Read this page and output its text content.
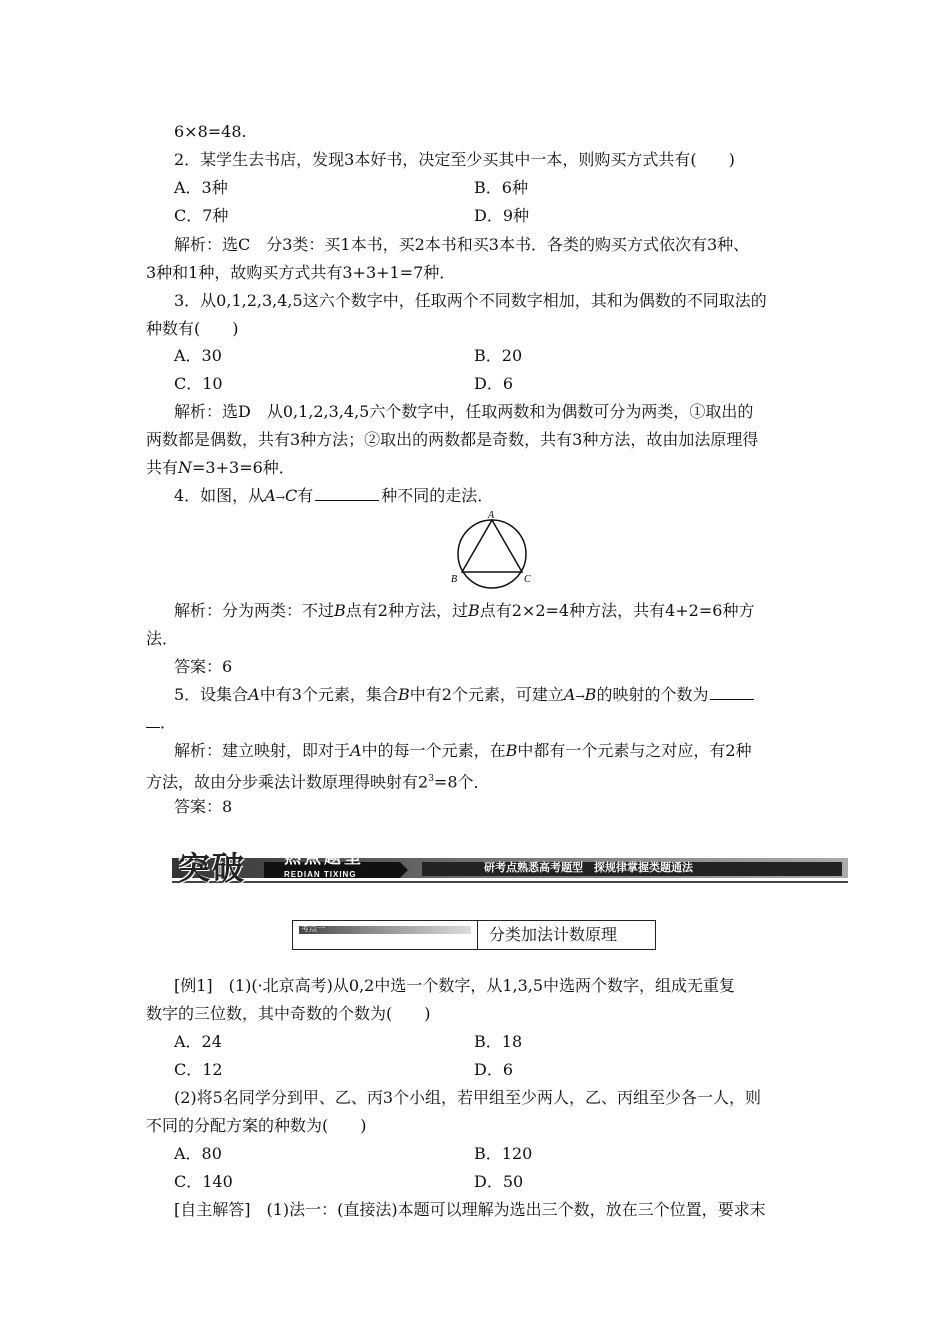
6×8=48.
2．某学生去书店，发现3本好书，决定至少买其中一本，则购买方式共有(　　)
A．3种	B．6种
C．7种	D．9种
解析：选C　分3类：买1本书，买2本书和买3本书．各类的购买方式依次有3种、
3种和1种，故购买方式共有3+3+1=7种．
3．从0,1,2,3,4,5这六个数字中，任取两个不同数字相加，其和为偶数的不同取法的
种数有(　　)
A．30	B．20
C．10	D．6
解析：选D　从0,1,2,3,4,5六个数字中，任取两数和为偶数可分为两类，①取出的
两数都是偶数，共有3种方法；②取出的两数都是奇数，共有3种方法，故由加法原理得
共有N=3+3=6种．
4．如图，从A→C有	种不同的走法．
A
B	C
解析：分为两类：不过B点有2种方法，过B点有2×2=4种方法，共有4+2=6种方
法．
答案：6
5．设集合A中有3个元素，集合B中有2个元素，可建立A→B的映射的个数为
．
解析：建立映射，即对于A中的每一个元素，在B中都有一个元素与之对应，有2种
方法，故由分步乘法计数原理得映射有$2^3=8$个．
答案：8
突破 热点题型
REDIAN TIXING
研考点熟悉高考题型　探规律掌握类题通法
考点一	分类加法计数原理
[例1]　(1)(·北京高考)从0,2中选一个数字，从1,3,5中选两个数字，组成无重复
数字的三位数，其中奇数的个数为(　　)
A．24	B．18
C．12	D．6
(2)将5名同学分到甲、乙、丙3个小组，若甲组至少两人，乙、丙组至少各一人，则
不同的分配方案的种数为(　　)
A．80	B．120
C．140	D．50
[自主解答]　(1)法一：(直接法)本题可以理解为选出三个数，放在三个位置，要求末
